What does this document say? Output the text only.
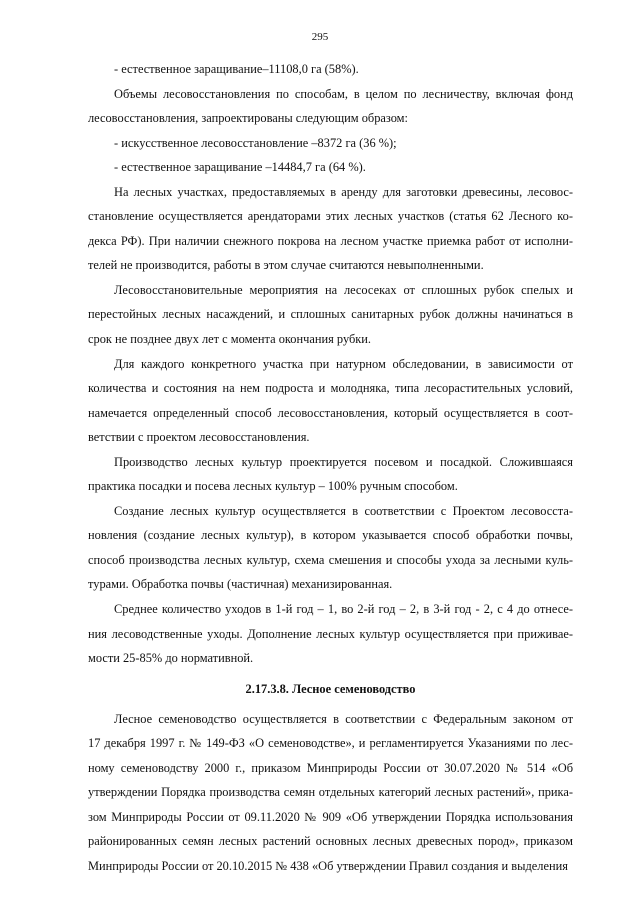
295
- естественное заращивание–11108,0 га (58%).
Объемы лесовосстановления по способам, в целом по лесничеству, включая фонд
лесовосстановления, запроектированы следующим образом:
- искусственное лесовосстановление –8372 га (36 %);
- естественное заращивание –14484,7 га (64 %).
На лесных участках, предоставляемых в аренду для заготовки древесины, лесовос-
становление осуществляется арендаторами этих лесных участков (статья 62 Лесного ко-
декса РФ). При наличии снежного покрова на лесном участке приемка работ от исполни-
телей не производится, работы в этом случае считаются невыполненными.
Лесовосстановительные мероприятия на лесосеках от сплошных рубок спелых и
перестойных лесных насаждений, и сплошных санитарных рубок должны начинаться в
срок не позднее двух лет с момента окончания рубки.
Для каждого конкретного участка при натурном обследовании, в зависимости от
количества и состояния на нем подроста и молодняка, типа лесорастительных условий,
намечается определенный способ лесовосстановления, который осуществляется в соот-
ветствии с проектом лесовосстановления.
Производство лесных культур проектируется посевом и посадкой. Сложившаяся
практика посадки и посева лесных культур – 100% ручным способом.
Создание лесных культур осуществляется в соответствии с Проектом лесовосста-
новления (создание лесных культур), в котором указывается способ обработки почвы,
способ производства лесных культур, схема смешения и способы ухода за лесными куль-
турами. Обработка почвы (частичная) механизированная.
Среднее количество уходов в 1-й год – 1, во 2-й год – 2, в 3-й год - 2, с 4 до отнесе-
ния лесоводственные уходы. Дополнение лесных культур осуществляется при приживае-
мости 25-85% до нормативной.
2.17.3.8. Лесное семеноводство
Лесное семеноводство осуществляется в соответствии с Федеральным законом от
17 декабря 1997 г. № 149-ФЗ «О семеноводстве», и регламентируется Указаниями по лес-
ному семеноводству 2000 г., приказом Минприроды России от 30.07.2020 № 514 «Об
утверждении Порядка производства семян отдельных категорий лесных растений», прика-
зом Минприроды России от 09.11.2020 № 909 «Об утверждении Порядка использования
районированных семян лесных растений основных лесных древесных пород», приказом
Минприроды России от 20.10.2015 № 438 «Об утверждении Правил создания и выделения
